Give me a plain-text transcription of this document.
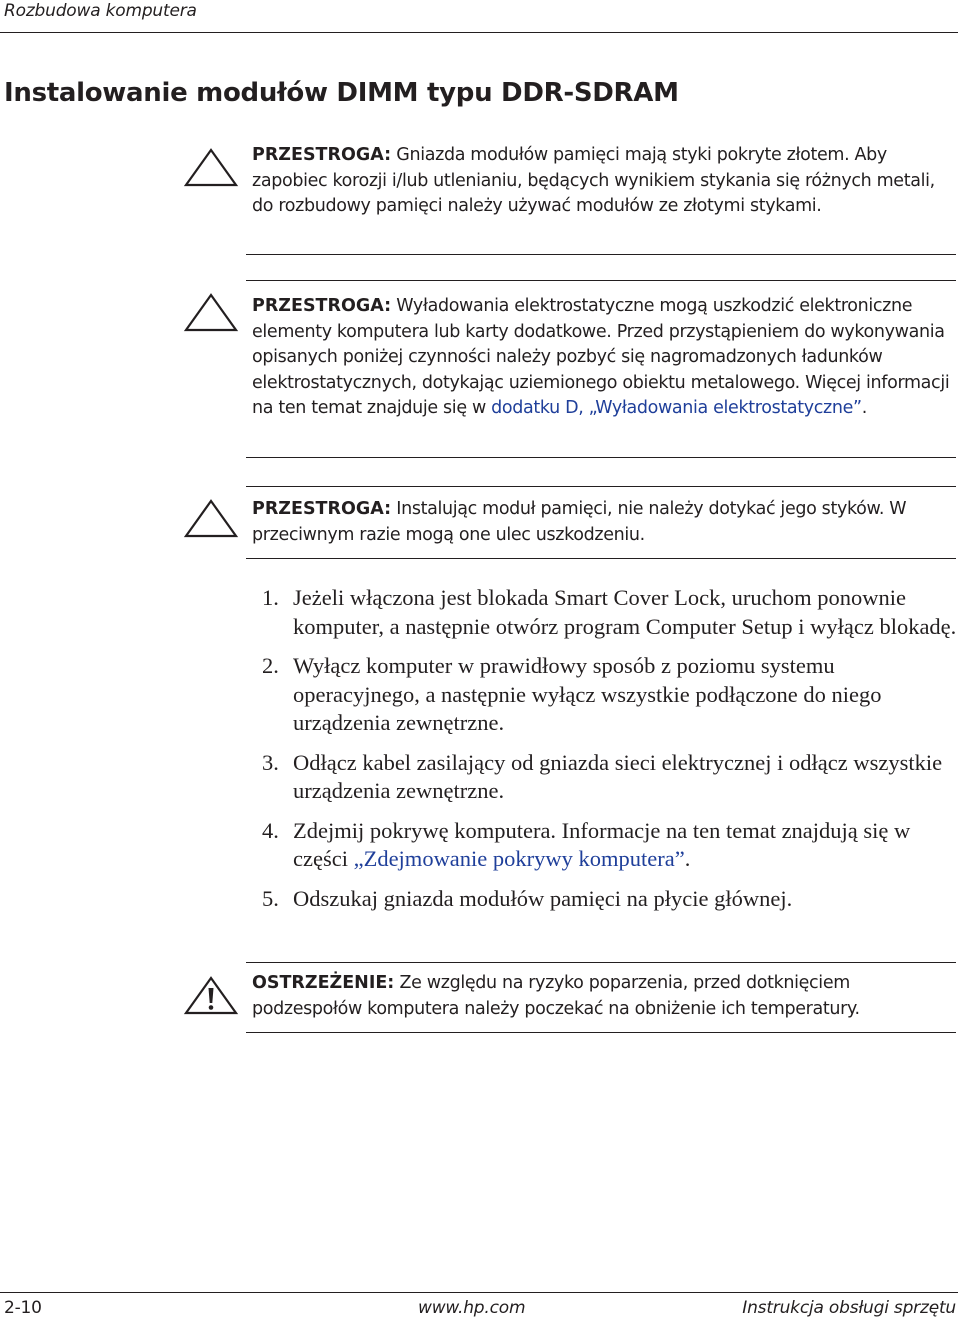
Rozbudowa komputera
Instalowanie modułów DIMM typu DDR-SDRAM
PRZESTROGA: Gniazda modułów pamięci mają styki pokryte złotem. Aby zapobiec korozji i/lub utlenianiu, będących wynikiem stykania się różnych metali, do rozbudowy pamięci należy używać modułów ze złotymi stykami.
PRZESTROGA: Wyładowania elektrostatyczne mogą uszkodzić elektroniczne elementy komputera lub karty dodatkowe. Przed przystąpieniem do wykonywania opisanych poniżej czynności należy pozbyć się nagromadzonych ładunków elektrostatycznych, dotykając uziemionego obiektu metalowego. Więcej informacji na ten temat znajduje się w dodatku D, „Wyładowania elektrostatyczne”.
PRZESTROGA: Instalując moduł pamięci, nie należy dotykać jego styków. W przeciwnym razie mogą one ulec uszkodzeniu.
1. Jeżeli włączona jest blokada Smart Cover Lock, uruchom ponownie komputer, a następnie otwórz program Computer Setup i wyłącz blokadę.
2. Wyłącz komputer w prawidłowy sposób z poziomu systemu operacyjnego, a następnie wyłącz wszystkie podłączone do niego urządzenia zewnętrzne.
3. Odłącz kabel zasilający od gniazda sieci elektrycznej i odłącz wszystkie urządzenia zewnętrzne.
4. Zdejmij pokrywę komputera. Informacje na ten temat znajdują się w części „Zdejmowanie pokrywy komputera”.
5. Odszukaj gniazda modułów pamięci na płycie głównej.
OSTRZEŻENIE: Ze względu na ryzyko poparzenia, przed dotknięciem podzespołów komputera należy poczekać na obniżenie ich temperatury.
2-10	www.hp.com	Instrukcja obsługi sprzętu
